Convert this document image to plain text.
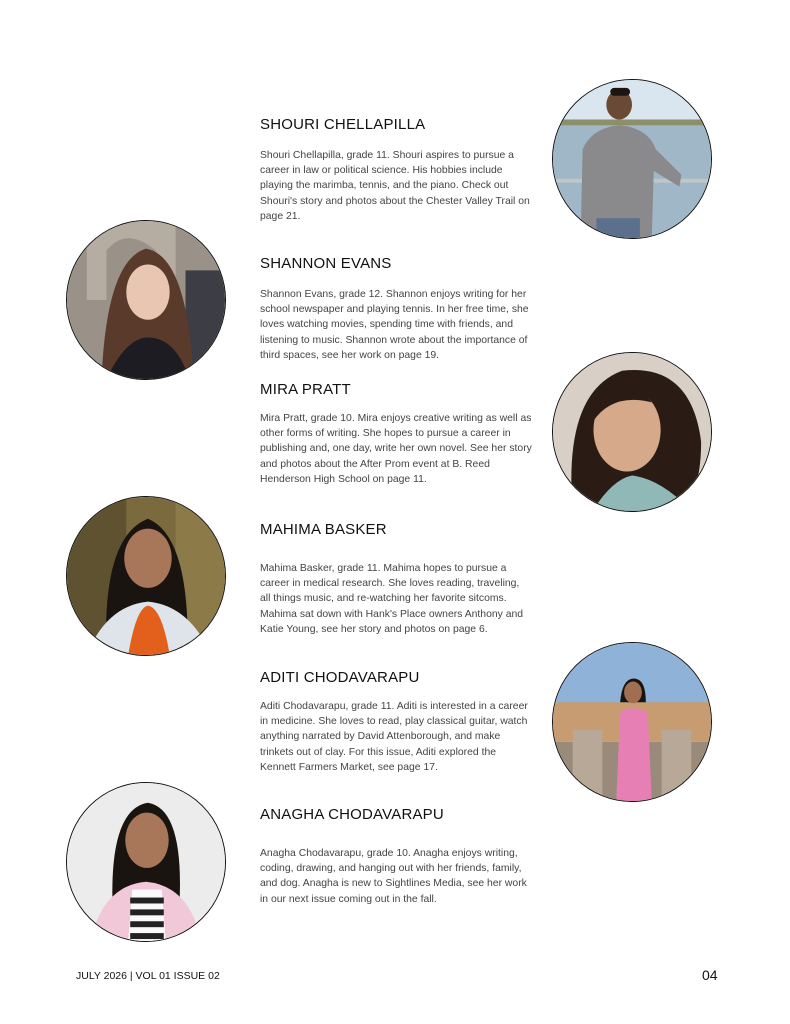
SHOURI CHELLAPILLA

Shouri Chellapilla, grade 11. Shouri aspires to pursue a career in law or political science. His hobbies include playing the marimba, tennis, and the piano. Check out Shouri's story and photos about the Chester Valley Trail on page 21.

SHANNON EVANS

Shannon Evans, grade 12. Shannon enjoys writing for her school newspaper and playing tennis. In her free time, she loves watching movies, spending time with friends, and listening to music. Shannon wrote about the importance of third spaces, see her work on page 19.

MIRA PRATT

Mira Pratt, grade 10. Mira enjoys creative writing as well as other forms of writing. She hopes to pursue a career in publishing and, one day, write her own novel. See her story and photos about the After Prom event at B. Reed Henderson High School on page 11.

MAHIMA BASKER

Mahima Basker, grade 11. Mahima hopes to pursue a career in medical research. She loves reading, traveling, all things music, and re-watching her favorite sitcoms. Mahima sat down with Hank's Place owners Anthony and Katie Young, see her story and photos on page 6.

ADITI CHODAVARAPU

Aditi Chodavarapu, grade 11. Aditi is interested in a career in medicine. She loves to read, play classical guitar, watch anything narrated by David Attenborough, and make trinkets out of clay. For this issue, Aditi explored the Kennett Farmers Market, see page 17.

ANAGHA CHODAVARAPU

Anagha Chodavarapu, grade 10. Anagha enjoys writing, coding, drawing, and hanging out with her friends, family, and dog. Anagha is new to Sightlines Media, see her work in our next issue coming out in the fall.

JULY 2026 | VOL 01 ISSUE 02	04
